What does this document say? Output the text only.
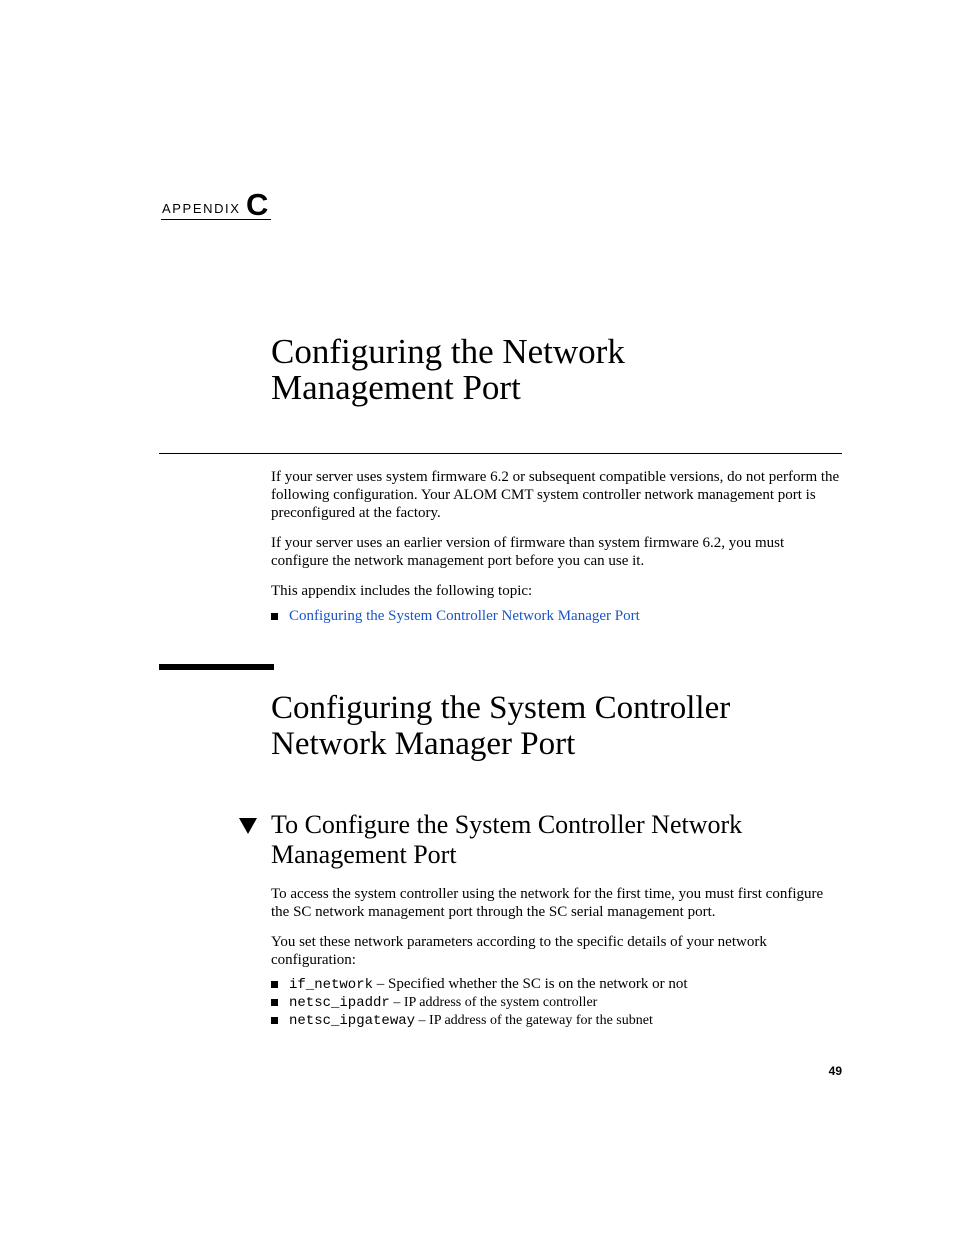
APPENDIX C
Configuring the Network
Management Port

If your server uses system firmware 6.2 or subsequent compatible versions, do not perform the following configuration. Your ALOM CMT system controller network management port is preconfigured at the factory.

If your server uses an earlier version of firmware than system firmware 6.2, you must configure the network management port before you can use it.

This appendix includes the following topic:

Configuring the System Controller Network Manager Port
Configuring the System Controller
Network Manager Port
To Configure the System Controller Network
Management Port

To access the system controller using the network for the first time, you must first configure the SC network management port through the SC serial management port.

You set these network parameters according to the specific details of your network configuration:

if_network – Specified whether the SC is on the network or not
netsc_ipaddr – IP address of the system controller
netsc_ipgateway – IP address of the gateway for the subnet
49
